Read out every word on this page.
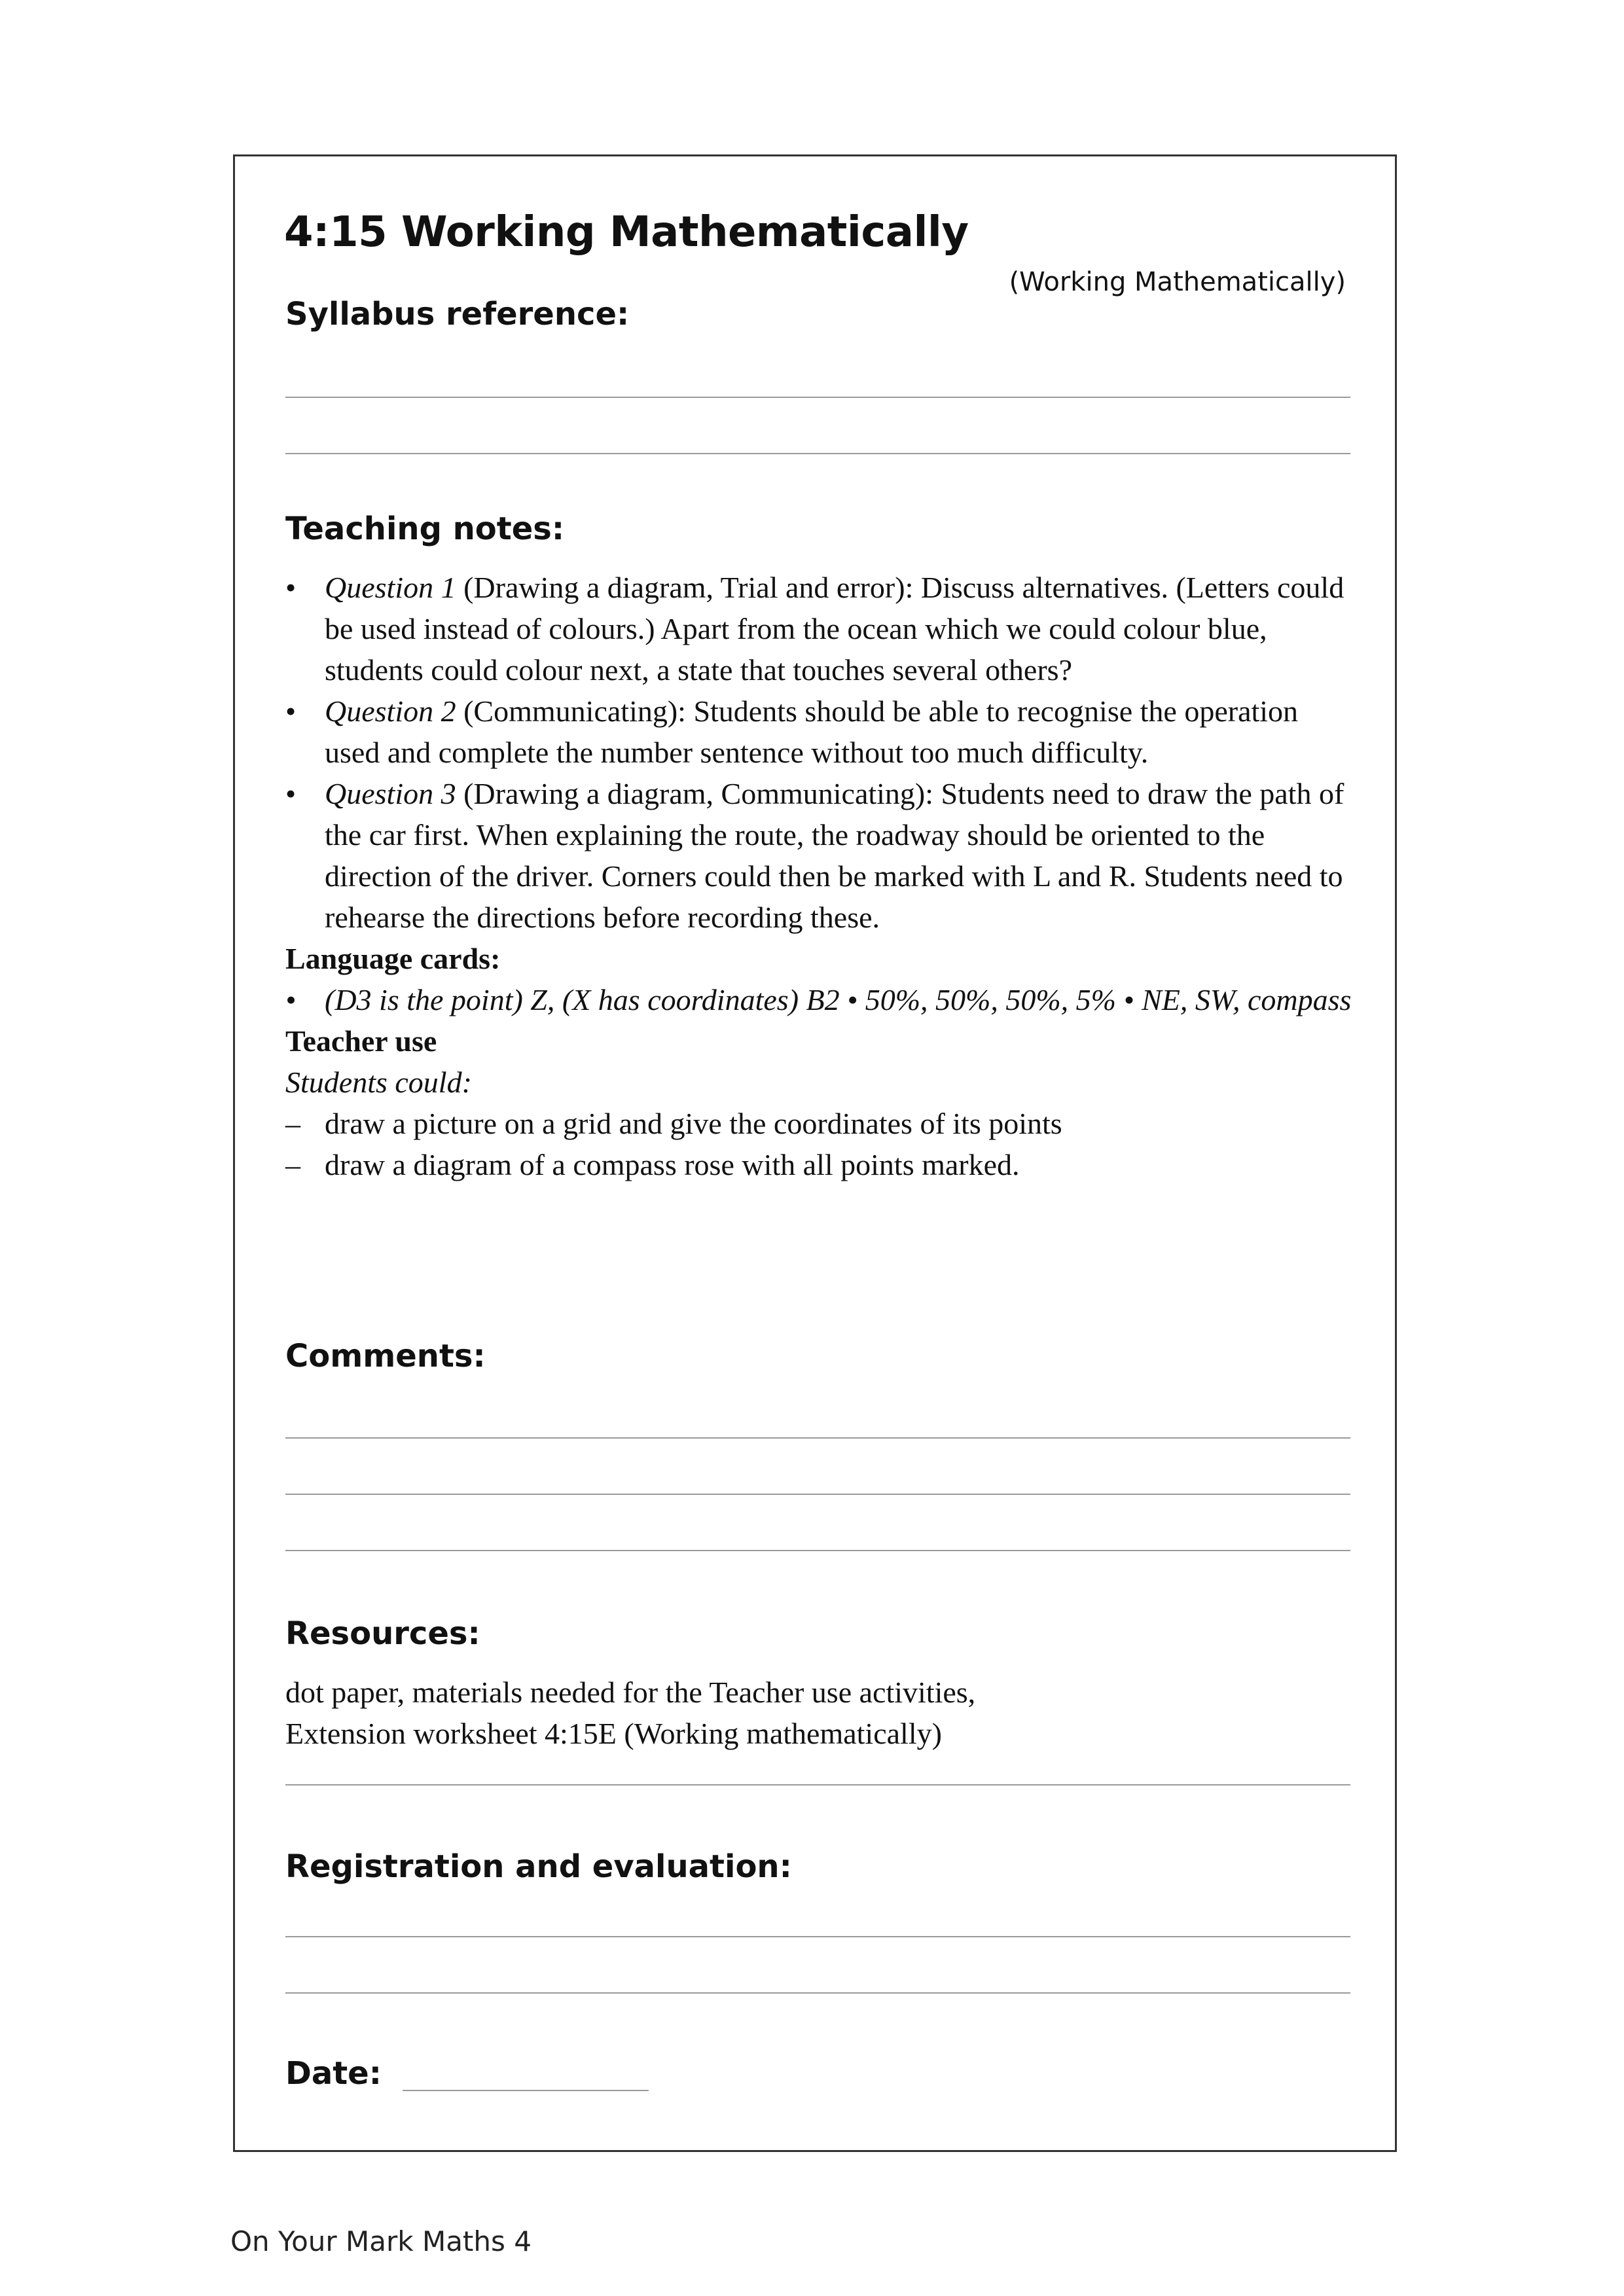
4:15 Working Mathematically
(Working Mathematically)
Syllabus reference:
Teaching notes:
• Question 1 (Drawing a diagram, Trial and error): Discuss alternatives. (Letters could be used instead of colours.) Apart from the ocean which we could colour blue, students could colour next, a state that touches several others?
• Question 2 (Communicating): Students should be able to recognise the operation used and complete the number sentence without too much difficulty.
• Question 3 (Drawing a diagram, Communicating): Students need to draw the path of the car first. When explaining the route, the roadway should be oriented to the direction of the driver. Corners could then be marked with L and R. Students need to rehearse the directions before recording these.
Language cards:
• (D3 is the point) Z, (X has coordinates) B2 • 50%, 50%, 50%, 5% • NE, SW, compass
Teacher use
Students could:
– draw a picture on a grid and give the coordinates of its points
– draw a diagram of a compass rose with all points marked.
Comments:
Resources:
dot paper, materials needed for the Teacher use activities,
Extension worksheet 4:15E (Working mathematically)
Registration and evaluation:
Date:
On Your Mark Maths 4
